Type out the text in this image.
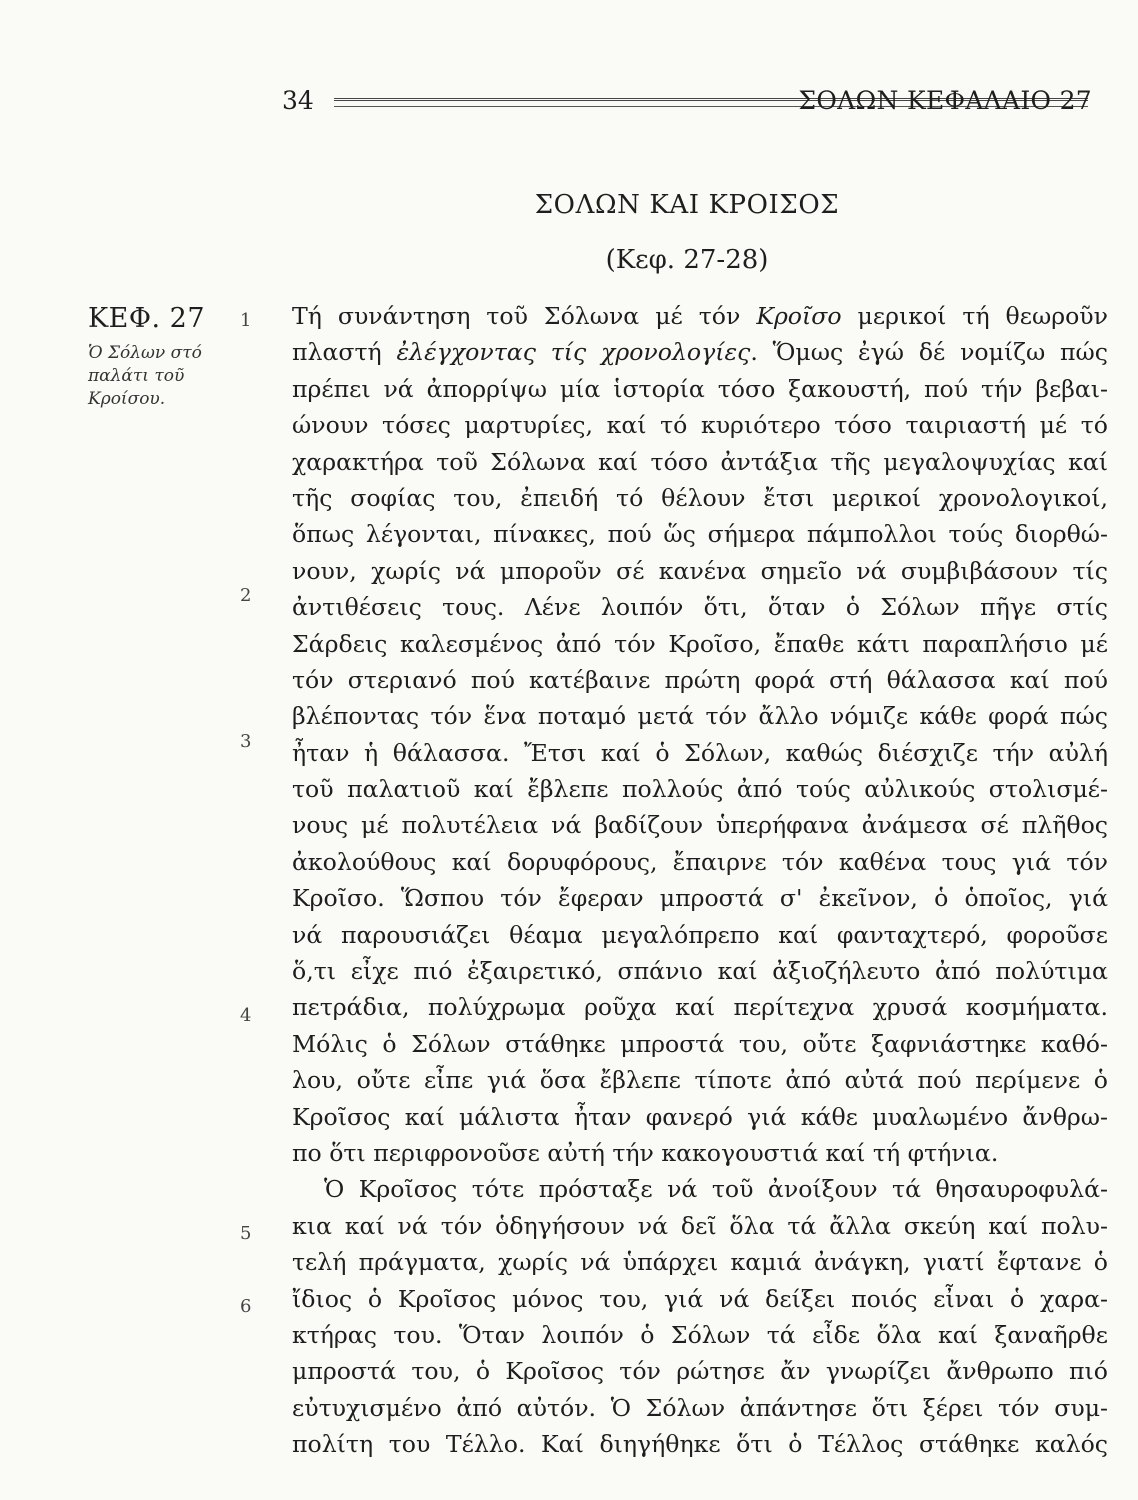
34	ΣΟΛΩΝ ΚΕΦΑΛΑΙΟ 27
ΣΟΛΩΝ ΚΑΙ ΚΡΟΙΣΟΣ
(Κεφ. 27-28)
ΚΕΦ. 27
Ὁ Σόλων στό
παλάτι τοῦ
Κροίσου.
1
2
3
4
5
6
Τή συνάντηση τοῦ Σόλωνα μέ τόν Κροῖσο μερικοί τή θεωροῦν
πλαστή ἐλέγχοντας τίς χρονολογίες. Ὅμως ἐγώ δέ νομίζω πώς
πρέπει νά ἀπορρίψω μία ἱστορία τόσο ξακουστή, πού τήν βεβαι-
ώνουν τόσες μαρτυρίες, καί τό κυριότερο τόσο ταιριαστή μέ τό
χαρακτήρα τοῦ Σόλωνα καί τόσο ἀντάξια τῆς μεγαλοψυχίας καί
τῆς σοφίας του, ἐπειδή τό θέλουν ἔτσι μερικοί χρονολογικοί,
ὅπως λέγονται, πίνακες, πού ὥς σήμερα πάμπολλοι τούς διορθώ-
νουν, χωρίς νά μποροῦν σέ κανένα σημεῖο νά συμβιβάσουν τίς
ἀντιθέσεις τους. Λένε λοιπόν ὅτι, ὅταν ὁ Σόλων πῆγε στίς
Σάρδεις καλεσμένος ἀπό τόν Κροῖσο, ἔπαθε κάτι παραπλήσιο μέ
τόν στεριανό πού κατέβαινε πρώτη φορά στή θάλασσα καί πού
βλέποντας τόν ἕνα ποταμό μετά τόν ἄλλο νόμιζε κάθε φορά πώς
ἦταν ἡ θάλασσα. Ἔτσι καί ὁ Σόλων, καθώς διέσχιζε τήν αὐλή
τοῦ παλατιοῦ καί ἔβλεπε πολλούς ἀπό τούς αὐλικούς στολισμέ-
νους μέ πολυτέλεια νά βαδίζουν ὑπερήφανα ἀνάμεσα σέ πλῆθος
ἀκολούθους καί δορυφόρους, ἔπαιρνε τόν καθένα τους γιά τόν
Κροῖσο. Ὥσπου τόν ἔφεραν μπροστά σ' ἐκεῖνον, ὁ ὁποῖος, γιά
νά παρουσιάζει θέαμα μεγαλόπρεπο καί φανταχτερό, φοροῦσε
ὅ,τι εἶχε πιό ἐξαιρετικό, σπάνιο καί ἀξιοζήλευτο ἀπό πολύτιμα
πετράδια, πολύχρωμα ροῦχα καί περίτεχνα χρυσά κοσμήματα.
Μόλις ὁ Σόλων στάθηκε μπροστά του, οὔτε ξαφνιάστηκε καθό-
λου, οὔτε εἶπε γιά ὅσα ἔβλεπε τίποτε ἀπό αὐτά πού περίμενε ὁ
Κροῖσος καί μάλιστα ἦταν φανερό γιά κάθε μυαλωμένο ἄνθρω-
πο ὅτι περιφρονοῦσε αὐτή τήν κακογουστιά καί τή φτήνια.
Ὁ Κροῖσος τότε πρόσταξε νά τοῦ ἀνοίξουν τά θησαυροφυλά-
κια καί νά τόν ὁδηγήσουν νά δεῖ ὅλα τά ἄλλα σκεύη καί πολυ-
τελή πράγματα, χωρίς νά ὑπάρχει καμιά ἀνάγκη, γιατί ἔφτανε ὁ
ἴδιος ὁ Κροῖσος μόνος του, γιά νά δείξει ποιός εἶναι ὁ χαρα-
κτήρας του. Ὅταν λοιπόν ὁ Σόλων τά εἶδε ὅλα καί ξαναῆρθε
μπροστά του, ὁ Κροῖσος τόν ρώτησε ἄν γνωρίζει ἄνθρωπο πιό
εὐτυχισμένο ἀπό αὐτόν. Ὁ Σόλων ἀπάντησε ὅτι ξέρει τόν συμ-
πολίτη του Τέλλο. Καί διηγήθηκε ὅτι ὁ Τέλλος στάθηκε καλός
